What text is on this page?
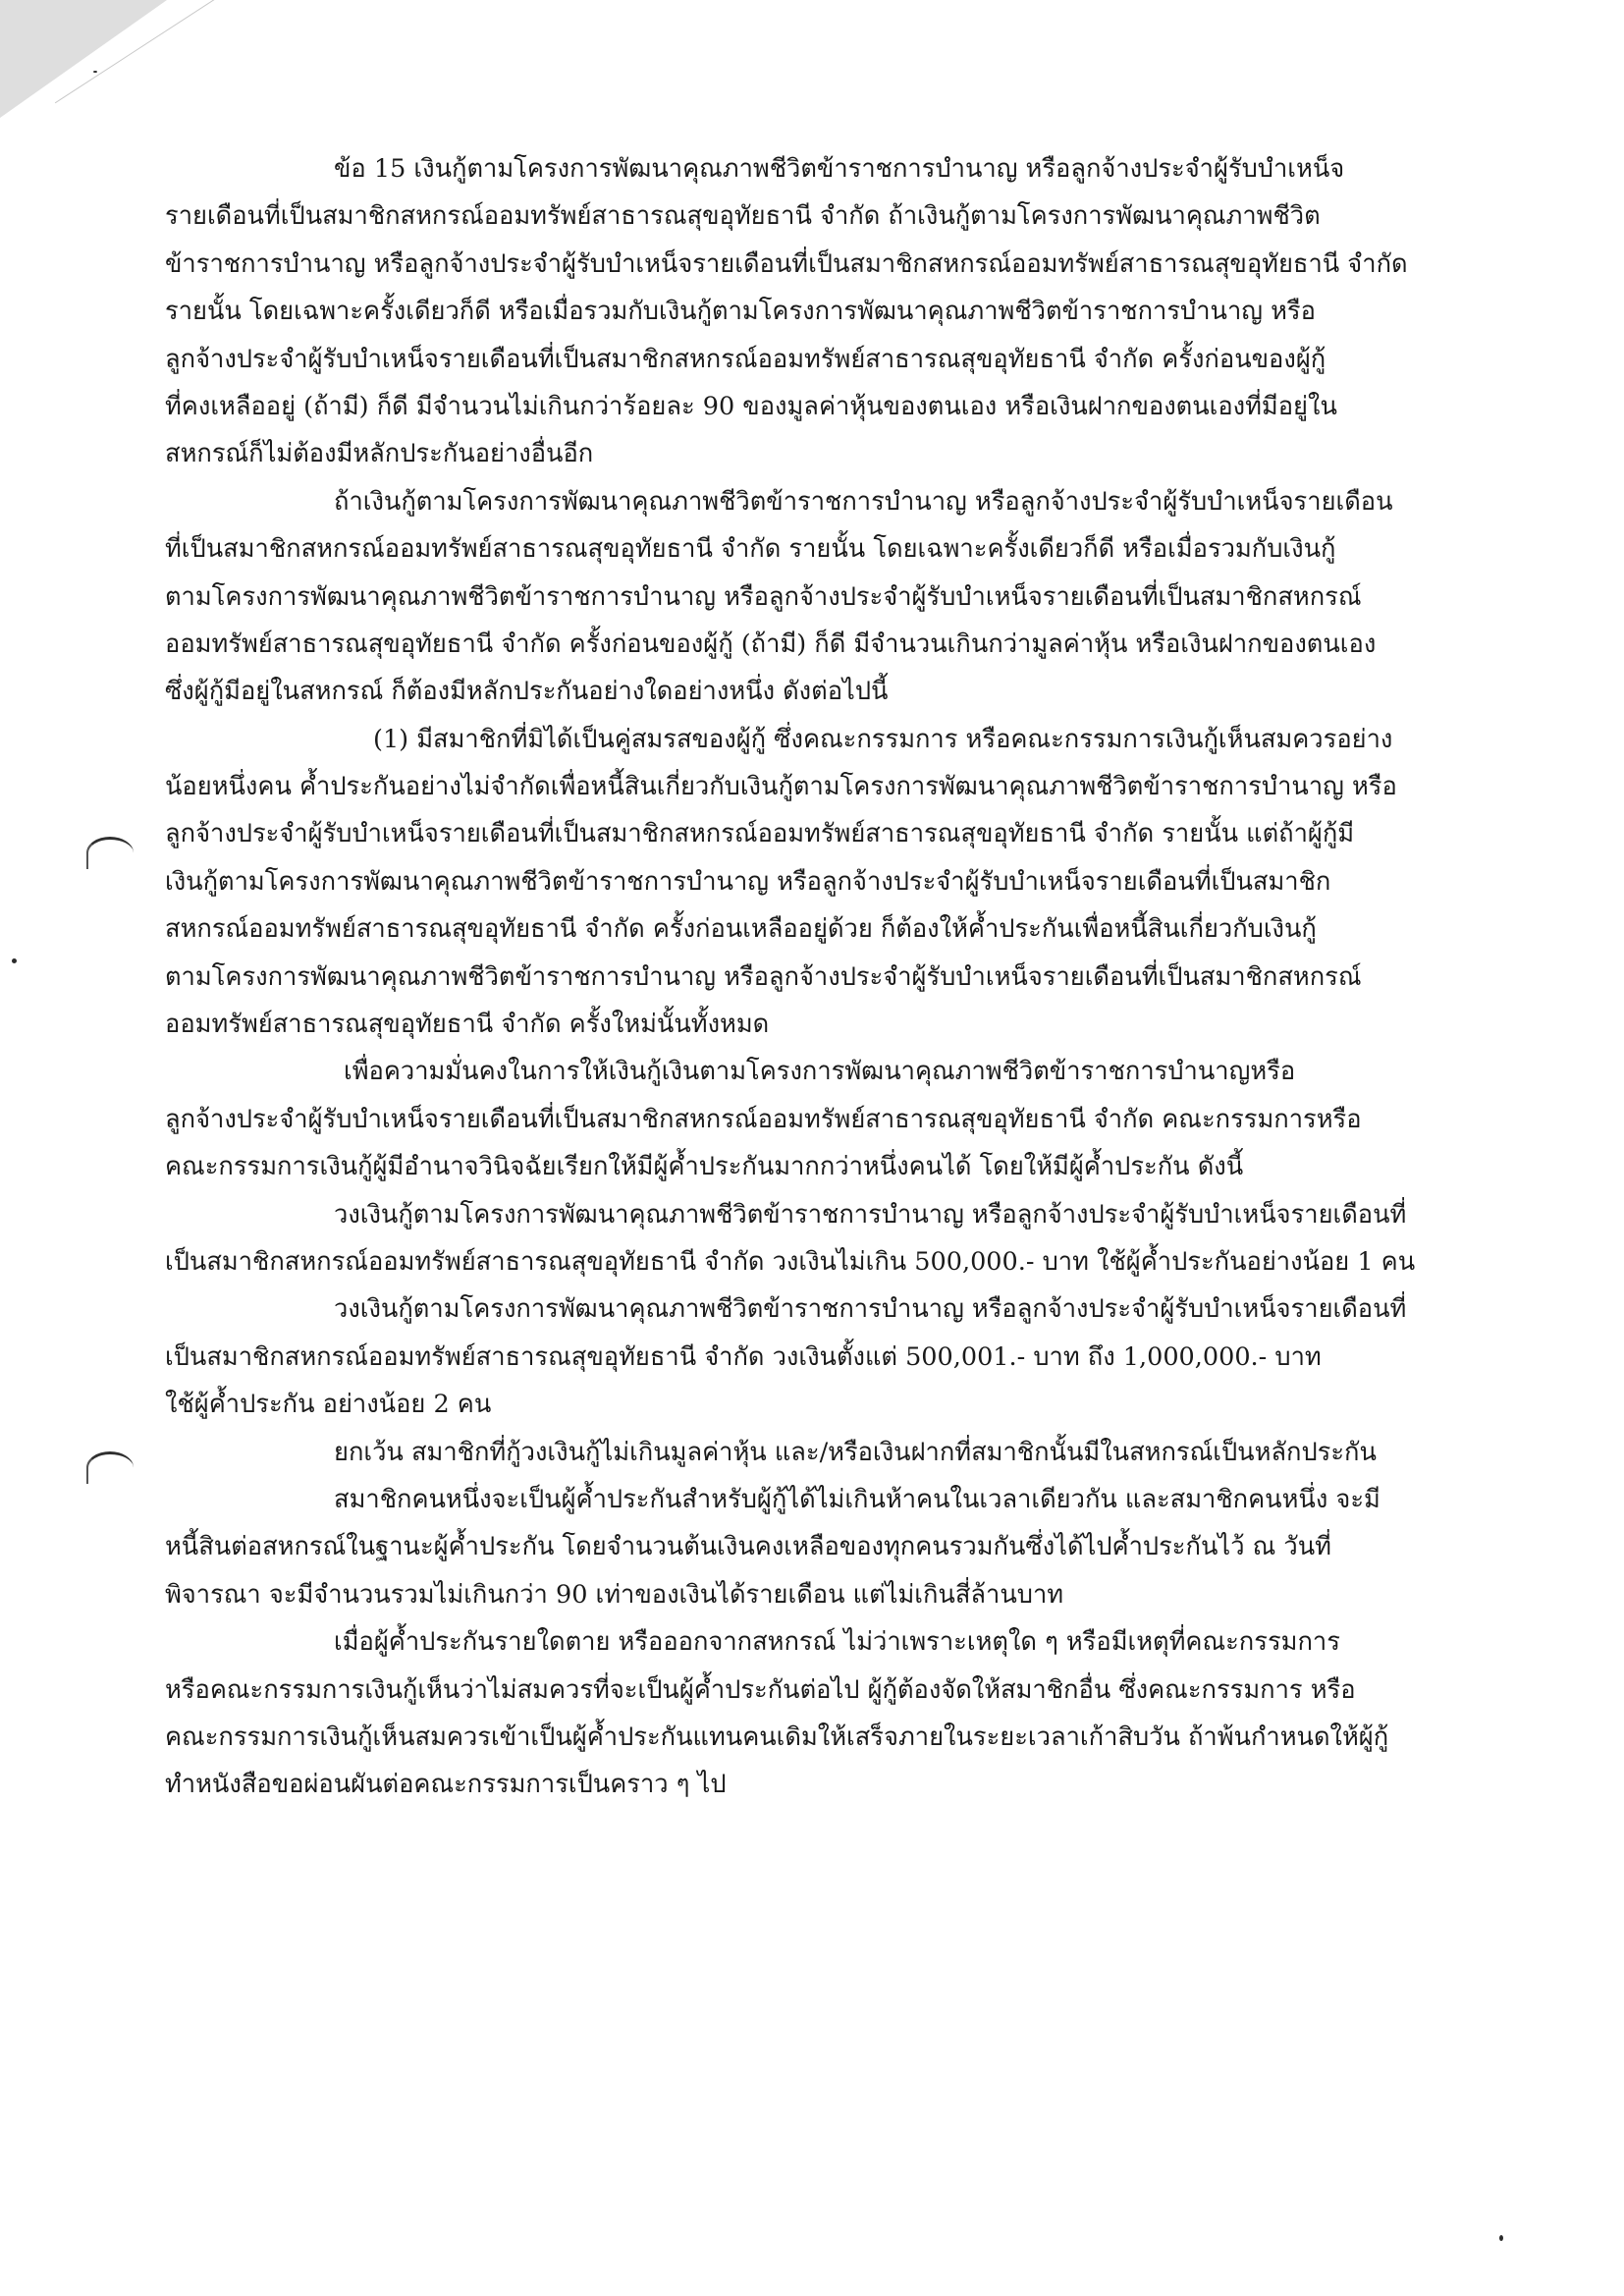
ข้อ 15 เงินกู้ตามโครงการพัฒนาคุณภาพชีวิตข้าราชการบำนาญ หรือลูกจ้างประจำผู้รับบำเหน็จ
รายเดือนที่เป็นสมาชิกสหกรณ์ออมทรัพย์สาธารณสุขอุทัยธานี จำกัด ถ้าเงินกู้ตามโครงการพัฒนาคุณภาพชีวิต
ข้าราชการบำนาญ หรือลูกจ้างประจำผู้รับบำเหน็จรายเดือนที่เป็นสมาชิกสหกรณ์ออมทรัพย์สาธารณสุขอุทัยธานี จำกัด
รายนั้น โดยเฉพาะครั้งเดียวก็ดี หรือเมื่อรวมกับเงินกู้ตามโครงการพัฒนาคุณภาพชีวิตข้าราชการบำนาญ หรือ
ลูกจ้างประจำผู้รับบำเหน็จรายเดือนที่เป็นสมาชิกสหกรณ์ออมทรัพย์สาธารณสุขอุทัยธานี จำกัด ครั้งก่อนของผู้กู้
ที่คงเหลืออยู่ (ถ้ามี) ก็ดี มีจำนวนไม่เกินกว่าร้อยละ 90 ของมูลค่าหุ้นของตนเอง หรือเงินฝากของตนเองที่มีอยู่ใน
สหกรณ์ก็ไม่ต้องมีหลักประกันอย่างอื่นอีก
ถ้าเงินกู้ตามโครงการพัฒนาคุณภาพชีวิตข้าราชการบำนาญ หรือลูกจ้างประจำผู้รับบำเหน็จรายเดือน
ที่เป็นสมาชิกสหกรณ์ออมทรัพย์สาธารณสุขอุทัยธานี จำกัด รายนั้น โดยเฉพาะครั้งเดียวก็ดี หรือเมื่อรวมกับเงินกู้
ตามโครงการพัฒนาคุณภาพชีวิตข้าราชการบำนาญ หรือลูกจ้างประจำผู้รับบำเหน็จรายเดือนที่เป็นสมาชิกสหกรณ์
ออมทรัพย์สาธารณสุขอุทัยธานี จำกัด ครั้งก่อนของผู้กู้ (ถ้ามี) ก็ดี มีจำนวนเกินกว่ามูลค่าหุ้น หรือเงินฝากของตนเอง
ซึ่งผู้กู้มีอยู่ในสหกรณ์ ก็ต้องมีหลักประกันอย่างใดอย่างหนึ่ง ดังต่อไปนี้
(1) มีสมาชิกที่มิได้เป็นคู่สมรสของผู้กู้ ซึ่งคณะกรรมการ หรือคณะกรรมการเงินกู้เห็นสมควรอย่าง
น้อยหนึ่งคน ค้ำประกันอย่างไม่จำกัดเพื่อหนี้สินเกี่ยวกับเงินกู้ตามโครงการพัฒนาคุณภาพชีวิตข้าราชการบำนาญ หรือ
ลูกจ้างประจำผู้รับบำเหน็จรายเดือนที่เป็นสมาชิกสหกรณ์ออมทรัพย์สาธารณสุขอุทัยธานี จำกัด รายนั้น แต่ถ้าผู้กู้มี
เงินกู้ตามโครงการพัฒนาคุณภาพชีวิตข้าราชการบำนาญ หรือลูกจ้างประจำผู้รับบำเหน็จรายเดือนที่เป็นสมาชิก
สหกรณ์ออมทรัพย์สาธารณสุขอุทัยธานี จำกัด ครั้งก่อนเหลืออยู่ด้วย ก็ต้องให้ค้ำประกันเพื่อหนี้สินเกี่ยวกับเงินกู้
ตามโครงการพัฒนาคุณภาพชีวิตข้าราชการบำนาญ หรือลูกจ้างประจำผู้รับบำเหน็จรายเดือนที่เป็นสมาชิกสหกรณ์
ออมทรัพย์สาธารณสุขอุทัยธานี จำกัด ครั้งใหม่นั้นทั้งหมด
เพื่อความมั่นคงในการให้เงินกู้เงินตามโครงการพัฒนาคุณภาพชีวิตข้าราชการบำนาญหรือ
ลูกจ้างประจำผู้รับบำเหน็จรายเดือนที่เป็นสมาชิกสหกรณ์ออมทรัพย์สาธารณสุขอุทัยธานี จำกัด คณะกรรมการหรือ
คณะกรรมการเงินกู้ผู้มีอำนาจวินิจฉัยเรียกให้มีผู้ค้ำประกันมากกว่าหนึ่งคนได้ โดยให้มีผู้ค้ำประกัน ดังนี้
วงเงินกู้ตามโครงการพัฒนาคุณภาพชีวิตข้าราชการบำนาญ หรือลูกจ้างประจำผู้รับบำเหน็จรายเดือนที่
เป็นสมาชิกสหกรณ์ออมทรัพย์สาธารณสุขอุทัยธานี จำกัด วงเงินไม่เกิน 500,000.- บาท ใช้ผู้ค้ำประกันอย่างน้อย 1 คน
วงเงินกู้ตามโครงการพัฒนาคุณภาพชีวิตข้าราชการบำนาญ หรือลูกจ้างประจำผู้รับบำเหน็จรายเดือนที่
เป็นสมาชิกสหกรณ์ออมทรัพย์สาธารณสุขอุทัยธานี จำกัด วงเงินตั้งแต่ 500,001.- บาท ถึง 1,000,000.- บาท
ใช้ผู้ค้ำประกัน อย่างน้อย 2 คน
ยกเว้น สมาชิกที่กู้วงเงินกู้ไม่เกินมูลค่าหุ้น และ/หรือเงินฝากที่สมาชิกนั้นมีในสหกรณ์เป็นหลักประกัน
สมาชิกคนหนึ่งจะเป็นผู้ค้ำประกันสำหรับผู้กู้ได้ไม่เกินห้าคนในเวลาเดียวกัน และสมาชิกคนหนึ่ง จะมี
หนี้สินต่อสหกรณ์ในฐานะผู้ค้ำประกัน โดยจำนวนต้นเงินคงเหลือของทุกคนรวมกันซึ่งได้ไปค้ำประกันไว้ ณ วันที่
พิจารณา จะมีจำนวนรวมไม่เกินกว่า 90 เท่าของเงินได้รายเดือน แต่ไม่เกินสี่ล้านบาท
เมื่อผู้ค้ำประกันรายใดตาย หรือออกจากสหกรณ์ ไม่ว่าเพราะเหตุใด ๆ หรือมีเหตุที่คณะกรรมการ
หรือคณะกรรมการเงินกู้เห็นว่าไม่สมควรที่จะเป็นผู้ค้ำประกันต่อไป ผู้กู้ต้องจัดให้สมาชิกอื่น ซึ่งคณะกรรมการ หรือ
คณะกรรมการเงินกู้เห็นสมควรเข้าเป็นผู้ค้ำประกันแทนคนเดิมให้เสร็จภายในระยะเวลาเก้าสิบวัน ถ้าพ้นกำหนดให้ผู้กู้
ทำหนังสือขอผ่อนผันต่อคณะกรรมการเป็นคราว ๆ ไป
